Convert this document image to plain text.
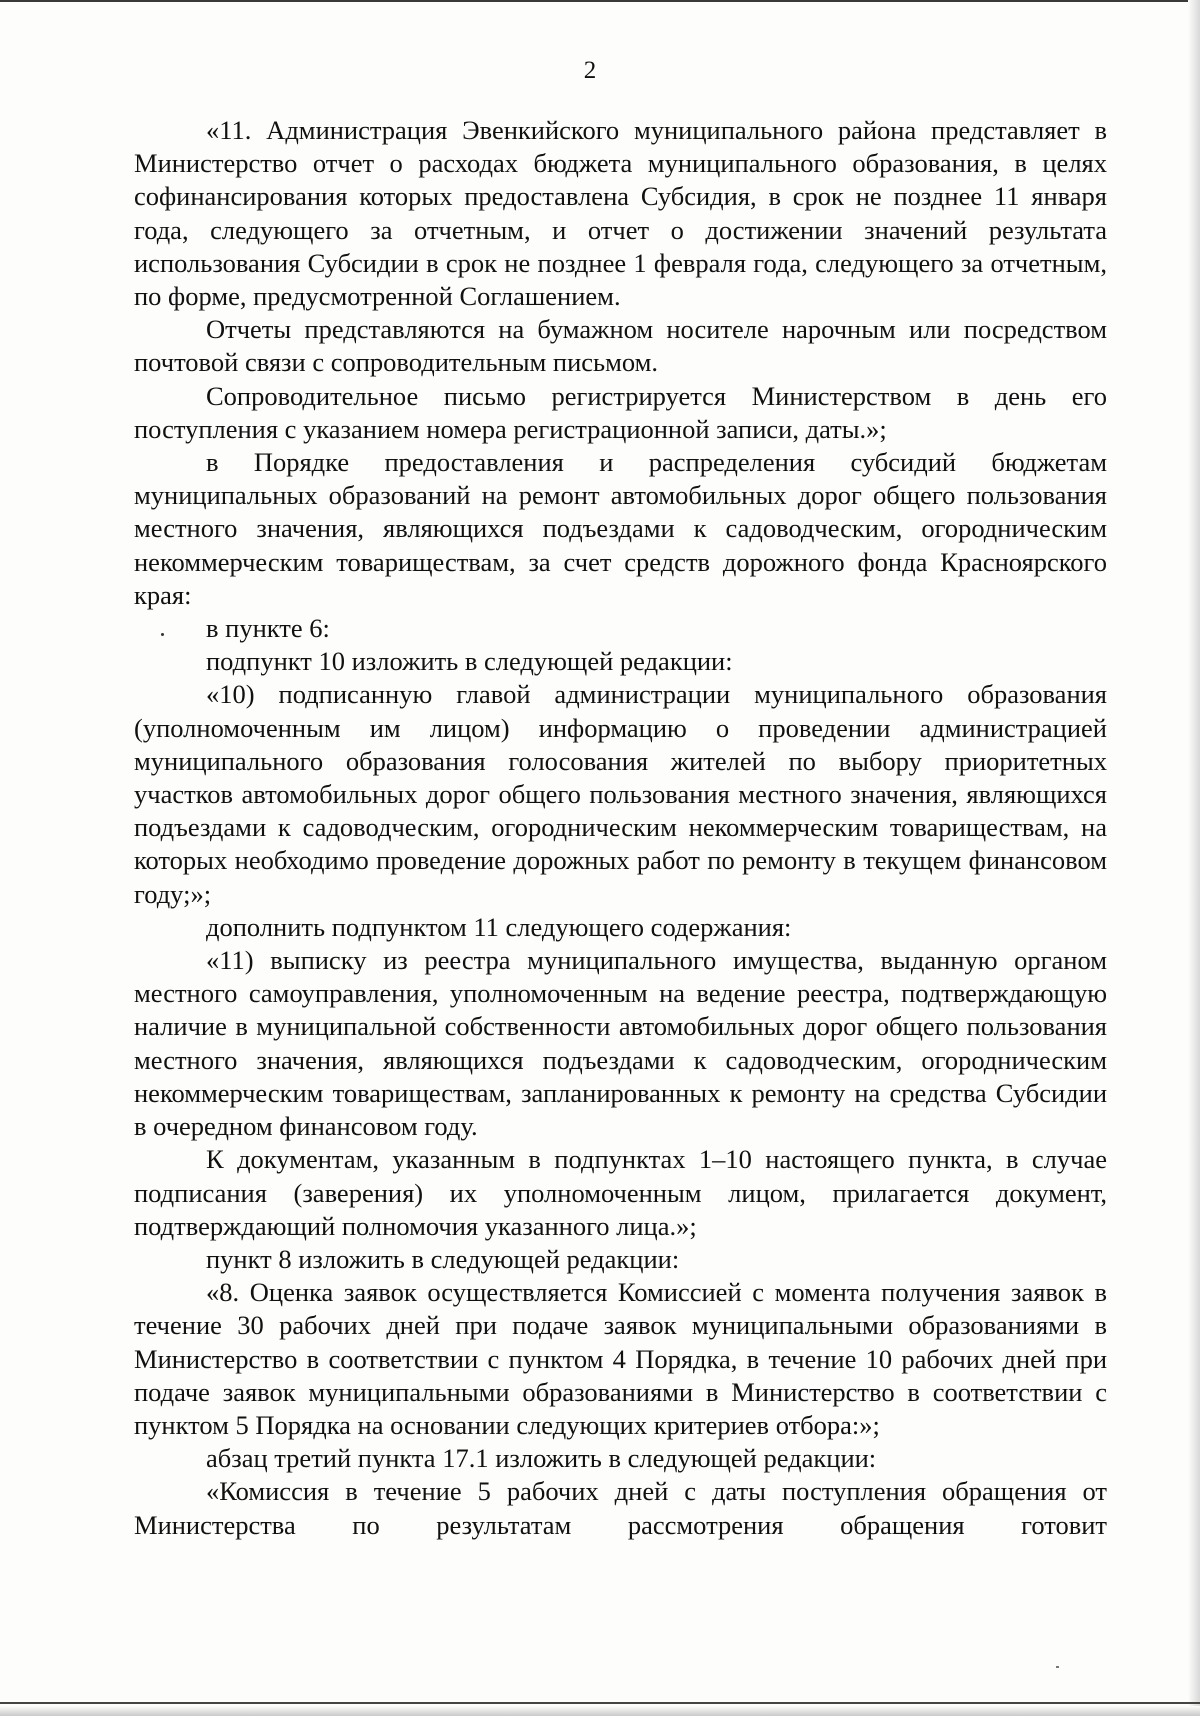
2

«11. Администрация Эвенкийского муниципального района представляет в Министерство отчет о расходах бюджета муниципального образования, в целях софинансирования которых предоставлена Субсидия, в срок не позднее 11 января года, следующего за отчетным, и отчет о достижении значений результата использования Субсидии в срок не позднее 1 февраля года, следующего за отчетным, по форме, предусмотренной Соглашением.

Отчеты представляются на бумажном носителе нарочным или посредством почтовой связи с сопроводительным письмом.

Сопроводительное письмо регистрируется Министерством в день его поступления с указанием номера регистрационной записи, даты.»;

в Порядке предоставления и распределения субсидий бюджетам муниципальных образований на ремонт автомобильных дорог общего пользования местного значения, являющихся подъездами к садоводческим, огородническим некоммерческим товариществам, за счет средств дорожного фонда Красноярского края:

в пункте 6:

подпункт 10 изложить в следующей редакции:

«10) подписанную главой администрации муниципального образования (уполномоченным им лицом) информацию о проведении администрацией муниципального образования голосования жителей по выбору приоритетных участков автомобильных дорог общего пользования местного значения, являющихся подъездами к садоводческим, огородническим некоммерческим товариществам, на которых необходимо проведение дорожных работ по ремонту в текущем финансовом году;»;

дополнить подпунктом 11 следующего содержания:

«11) выписку из реестра муниципального имущества, выданную органом местного самоуправления, уполномоченным на ведение реестра, подтверждающую наличие в муниципальной собственности автомобильных дорог общего пользования местного значения, являющихся подъездами к садоводческим, огородническим некоммерческим товариществам, запланированных к ремонту на средства Субсидии в очередном финансовом году.

К документам, указанным в подпунктах 1–10 настоящего пункта, в случае подписания (заверения) их уполномоченным лицом, прилагается документ, подтверждающий полномочия указанного лица.»;

пункт 8 изложить в следующей редакции:

«8. Оценка заявок осуществляется Комиссией с момента получения заявок в течение 30 рабочих дней при подаче заявок муниципальными образованиями в Министерство в соответствии с пунктом 4 Порядка, в течение 10 рабочих дней при подаче заявок муниципальными образованиями в Министерство в соответствии с пунктом 5 Порядка на основании следующих критериев отбора:»;

абзац третий пункта 17.1 изложить в следующей редакции:

«Комиссия в течение 5 рабочих дней с даты поступления обращения от Министерства по результатам рассмотрения обращения готовит
